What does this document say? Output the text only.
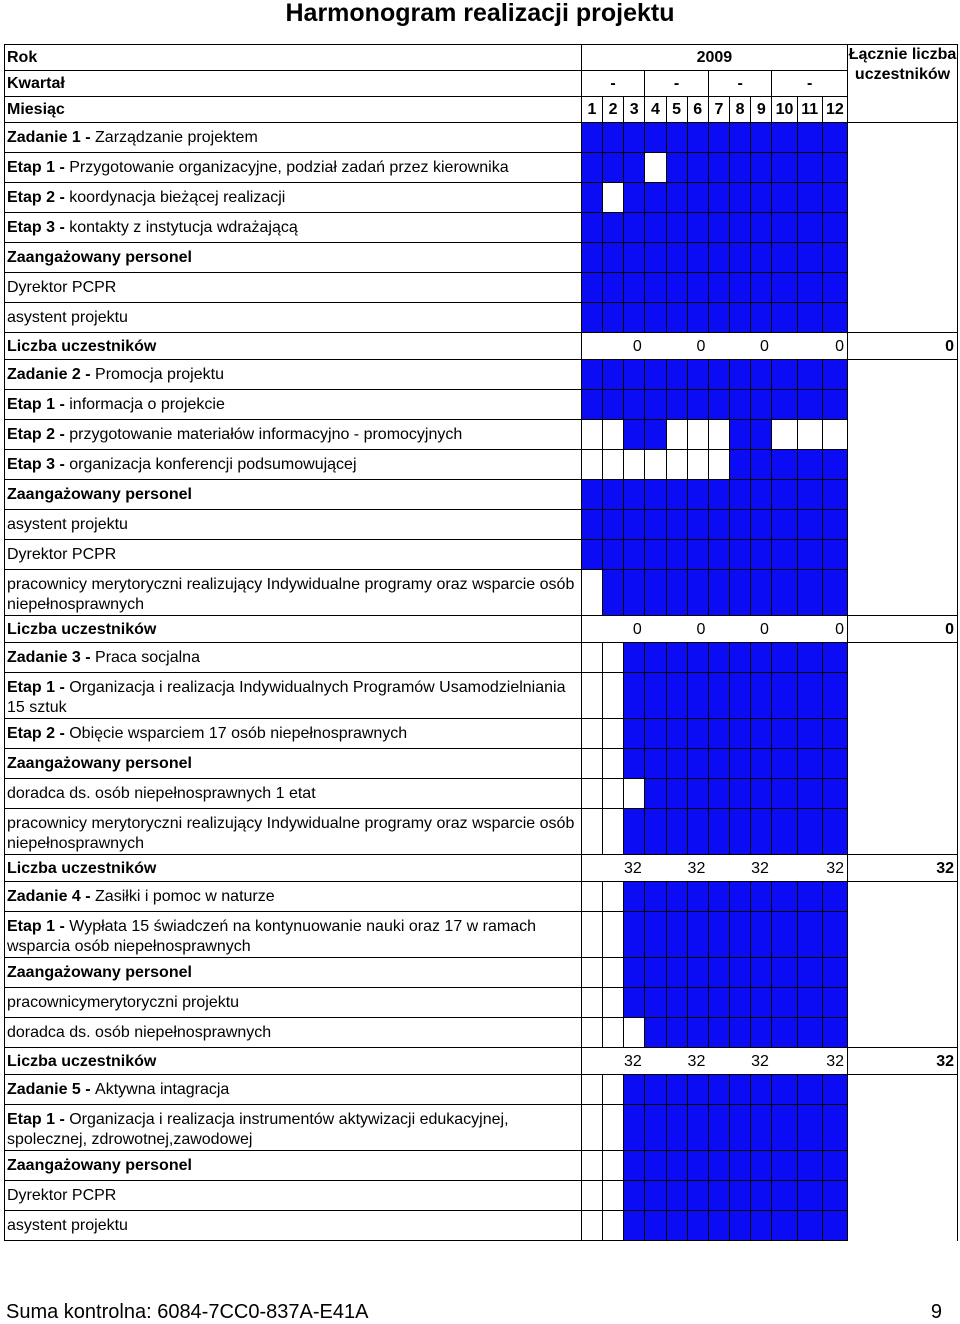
Harmonogram realizacji projektu
Rok	2009												Łącznie liczba uczestników
Kwartał	-			-			-			-			
Miesiąc	1	2	3	4	5	6	7	8	9	10	11	12	
Zadanie 1 - Zarządzanie projektem													
Etap 1 - Przygotowanie organizacyjne, podział zadań przez kierownika													
Etap 2 - koordynacja bieżącej realizacji													
Etap 3 - kontakty z instytucja wdrażającą													
Zaangażowany personel													
Dyrektor PCPR													
asystent projektu													
Liczba uczestników	0			0			0			0			0
Zadanie 2 - Promocja projektu													
Etap 1 - informacja o projekcie													
Etap 2 - przygotowanie materiałów informacyjno - promocyjnych													
Etap 3 - organizacja konferencji podsumowującej													
Zaangażowany personel													
asystent projektu													
Dyrektor PCPR													
pracownicy merytoryczni realizujący Indywidualne programy oraz wsparcie osób niepełnosprawnych													
Liczba uczestników	0			0			0			0			0
Zadanie 3 - Praca socjalna													
Etap 1 - Organizacja i realizacja Indywidualnych Programów Usamodzielniania 15 sztuk													
Etap 2 - Obięcie wsparciem 17 osób niepełnosprawnych													
Zaangażowany personel													
doradca ds. osób niepełnosprawnych 1 etat													
pracownicy merytoryczni realizujący Indywidualne programy oraz wsparcie osób niepełnosprawnych													
Liczba uczestników	32			32			32			32			32
Zadanie 4 - Zasiłki i pomoc w naturze													
Etap 1 - Wypłata 15 świadczeń na kontynuowanie nauki oraz 17 w ramach wsparcia osób niepełnosprawnych													
Zaangażowany personel													
pracownicymerytoryczni projektu													
doradca ds. osób niepełnosprawnych													
Liczba uczestników	32			32			32			32			32
Zadanie 5 - Aktywna intagracja													
Etap 1 - Organizacja i realizacja instrumentów aktywizacji edukacyjnej, spolecznej, zdrowotnej,zawodowej													
Zaangażowany personel													
Dyrektor PCPR													
asystent projektu													
Suma kontrolna: 6084-7CC0-837A-E41A	9
